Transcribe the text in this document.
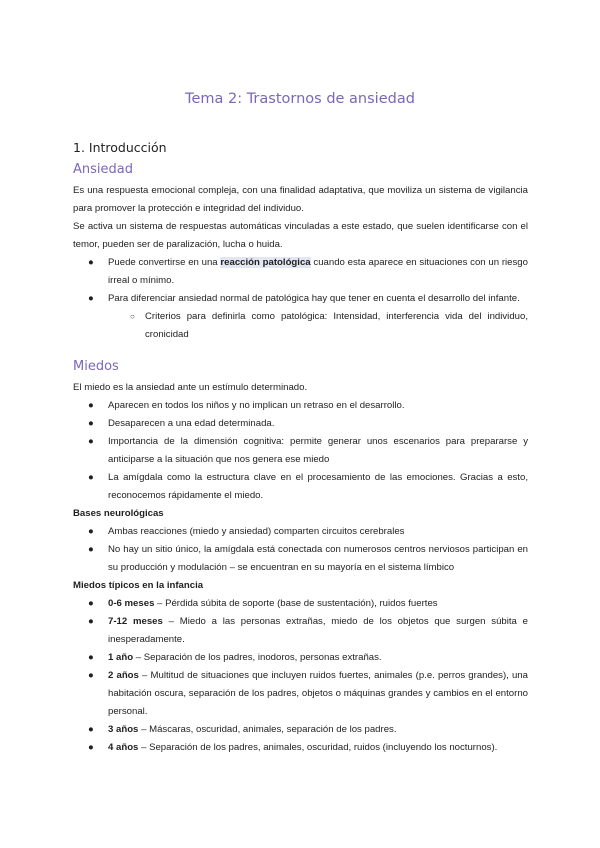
Tema 2: Trastornos de ansiedad
1. Introducción
Ansiedad

Es una respuesta emocional compleja, con una finalidad adaptativa, que moviliza un sistema de vigilancia para promover la protección e integridad del individuo.

Se activa un sistema de respuestas automáticas vinculadas a este estado, que suelen identificarse con el temor, pueden ser de paralización, lucha o huida.

● Puede convertirse en una reacción patológica cuando esta aparece en situaciones con un riesgo irreal o mínimo.
● Para diferenciar ansiedad normal de patológica hay que tener en cuenta el desarrollo del infante.
○ Criterios para definirla como patológica: Intensidad, interferencia vida del individuo, cronicidad
Miedos

El miedo es la ansiedad ante un estímulo determinado.

● Aparecen en todos los niños y no implican un retraso en el desarrollo.
● Desaparecen a una edad determinada.
● Importancia de la dimensión cognitiva: permite generar unos escenarios para prepararse y anticiparse a la situación que nos genera ese miedo
● La amígdala como la estructura clave en el procesamiento de las emociones. Gracias a esto, reconocemos rápidamente el miedo.

Bases neurológicas

● Ambas reacciones (miedo y ansiedad) comparten circuitos cerebrales
● No hay un sitio único, la amígdala está conectada con numerosos centros nerviosos participan en su producción y modulación – se encuentran en su mayoría en el sistema límbico

Miedos típicos en la infancia

● 0-6 meses – Pérdida súbita de soporte (base de sustentación), ruidos fuertes
● 7-12 meses – Miedo a las personas extrañas, miedo de los objetos que surgen súbita e inesperadamente.
● 1 año – Separación de los padres, inodoros, personas extrañas.
● 2 años – Multitud de situaciones que incluyen ruidos fuertes, animales (p.e. perros grandes), una habitación oscura, separación de los padres, objetos o máquinas grandes y cambios en el entorno personal.
● 3 años – Máscaras, oscuridad, animales, separación de los padres.
● 4 años – Separación de los padres, animales, oscuridad, ruidos (incluyendo los nocturnos).
